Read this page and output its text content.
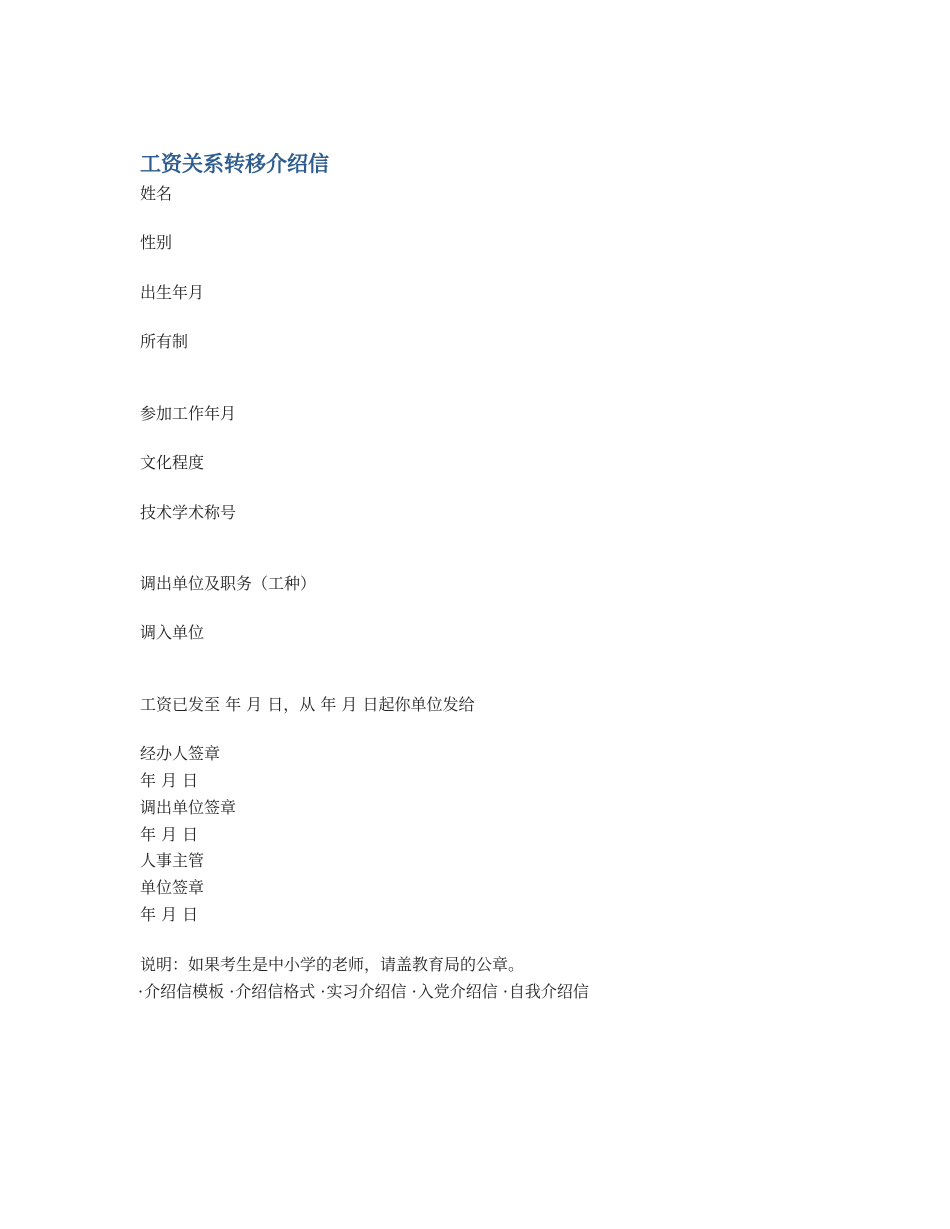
工资关系转移介绍信

姓名

性别

出生年月

所有制

参加工作年月

文化程度

技术学术称号

调出单位及职务（工种）

调入单位

工资已发至 年 月 日，从 年 月 日起你单位发给

经办人签章

年 月 日

调出单位签章

年 月 日

人事主管

单位签章

年 月 日

说明：如果考生是中小学的老师，请盖教育局的公章。

·介绍信模板 ·介绍信格式 ·实习介绍信 ·入党介绍信 ·自我介绍信
